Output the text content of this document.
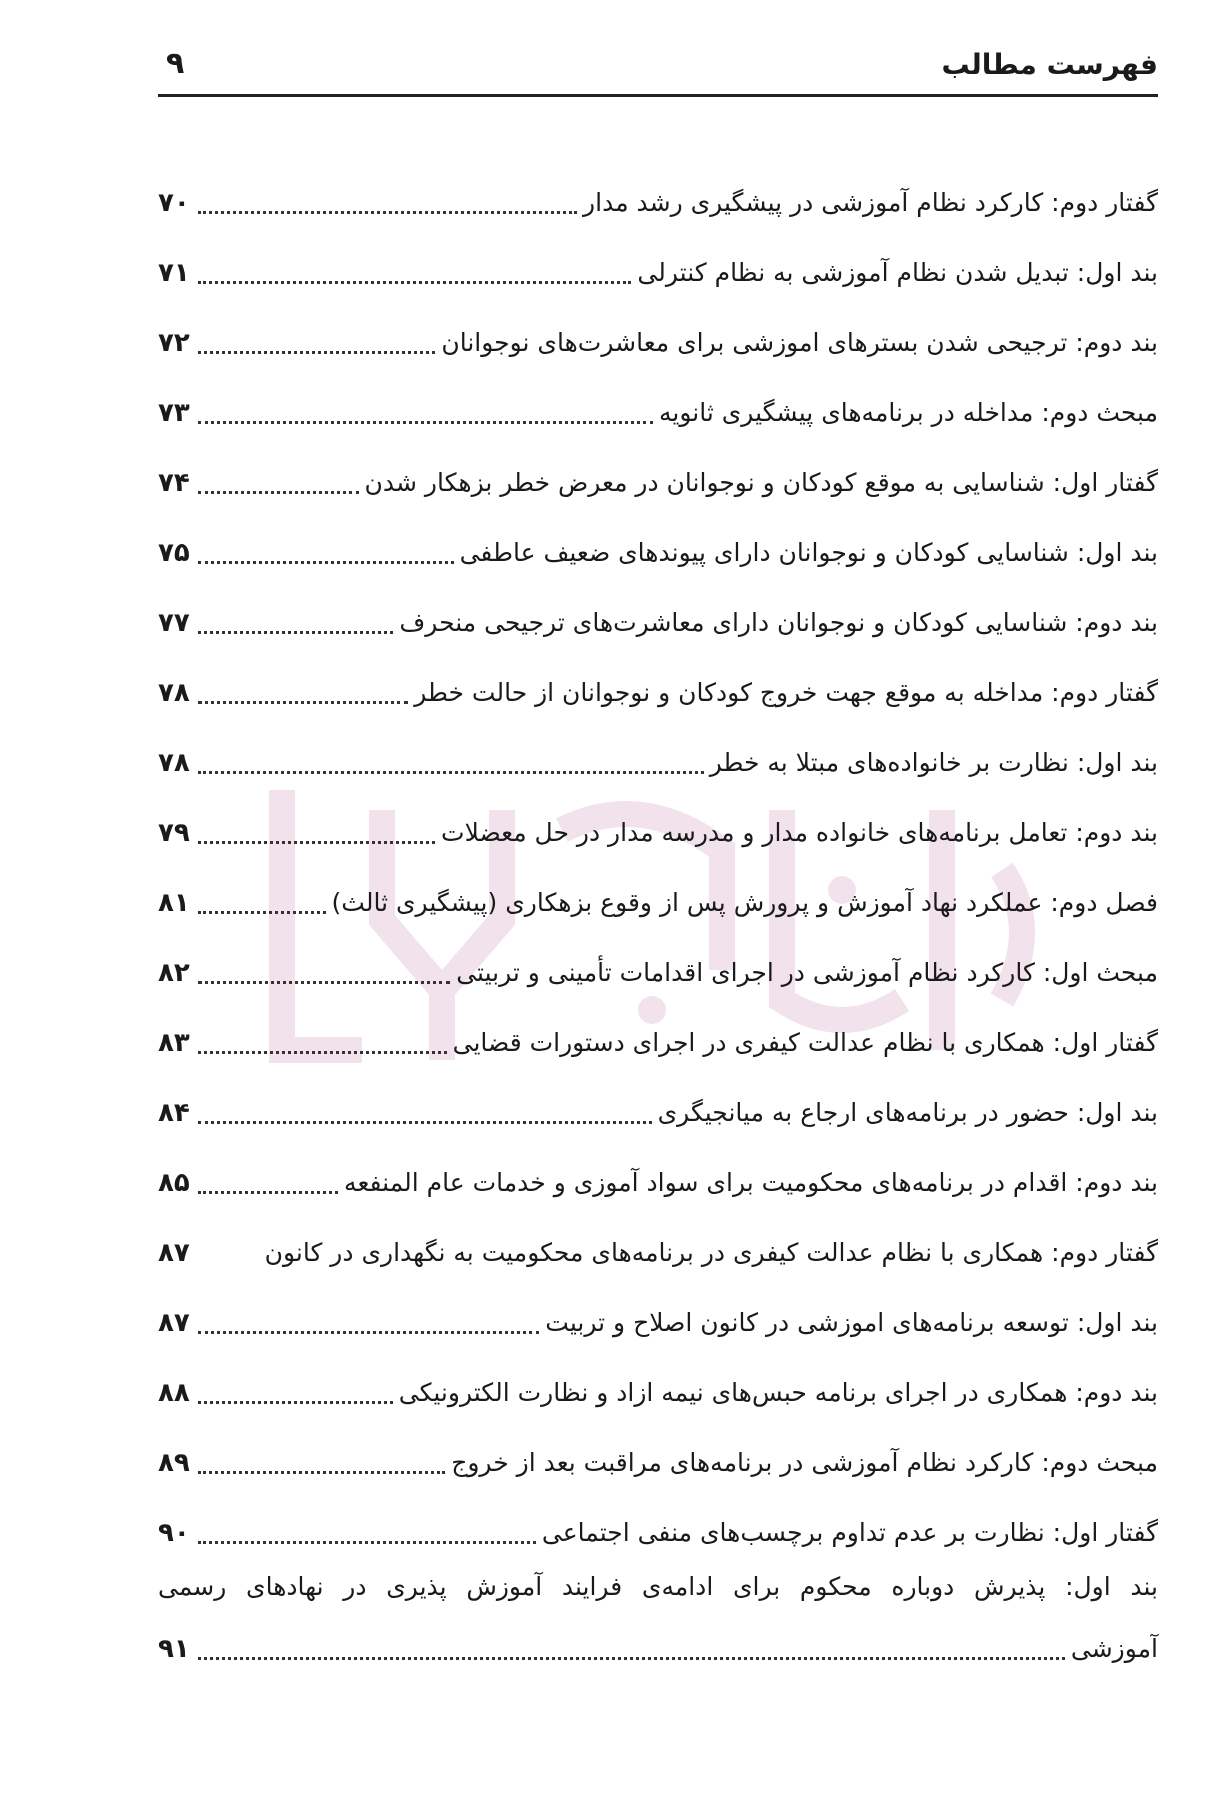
فهرست مطالب
۹
گفتار دوم: کارکرد نظام آموزشی در پیشگیری رشد مدار
۷۰
بند اول: تبدیل شدن نظام آموزشی به نظام کنترلی
۷۱
بند دوم: ترجیحی شدن بسترهای اموزشی برای معاشرت‌های نوجوانان
۷۲
مبحث دوم: مداخله در برنامه‌های پیشگیری ثانویه
۷۳
گفتار اول: شناسایی به موقع کودکان و نوجوانان در معرض خطر بزهکار شدن
۷۴
بند اول: شناسایی کودکان و نوجوانان دارای پیوندهای ضعیف عاطفی
۷۵
بند دوم: شناسایی کودکان و نوجوانان دارای معاشرت‌های ترجیحی منحرف
۷۷
گفتار دوم: مداخله به موقع جهت خروج کودکان و نوجوانان از حالت خطر
۷۸
بند اول: نظارت بر خانواده‌های مبتلا به خطر
۷۸
بند دوم: تعامل برنامه‌های خانواده مدار و مدرسه مدار در حل معضلات
۷۹
فصل دوم: عملکرد نهاد آموزش و پرورش پس از وقوع بزهکاری (پیشگیری ثالث)
۸۱
مبحث اول: کارکرد نظام آموزشی در اجرای اقدامات تأمینی و تربیتی
۸۲
گفتار اول: همکاری با نظام عدالت کیفری در اجرای دستورات قضایی
۸۳
بند اول: حضور در برنامه‌های ارجاع به میانجیگری
۸۴
بند دوم: اقدام در برنامه‌های محکومیت برای سواد آموزی و خدمات عام المنفعه
۸۵
گفتار دوم: همکاری با نظام عدالت کیفری در برنامه‌های محکومیت به نگهداری در کانون
۸۷
بند اول: توسعه برنامه‌های اموزشی در کانون اصلاح و تربیت
۸۷
بند دوم: همکاری در اجرای برنامه حبس‌های نیمه ازاد و نظارت الکترونیکی
۸۸
مبحث دوم: کارکرد نظام آموزشی در برنامه‌های مراقبت بعد از خروج
۸۹
گفتار اول: نظارت بر عدم تداوم برچسب‌های منفی اجتماعی
۹۰
بند اول: پذیرش دوباره محکوم برای ادامه‌ی فرایند آموزش پذیری در نهادهای رسمی
آموزشی
۹۱
